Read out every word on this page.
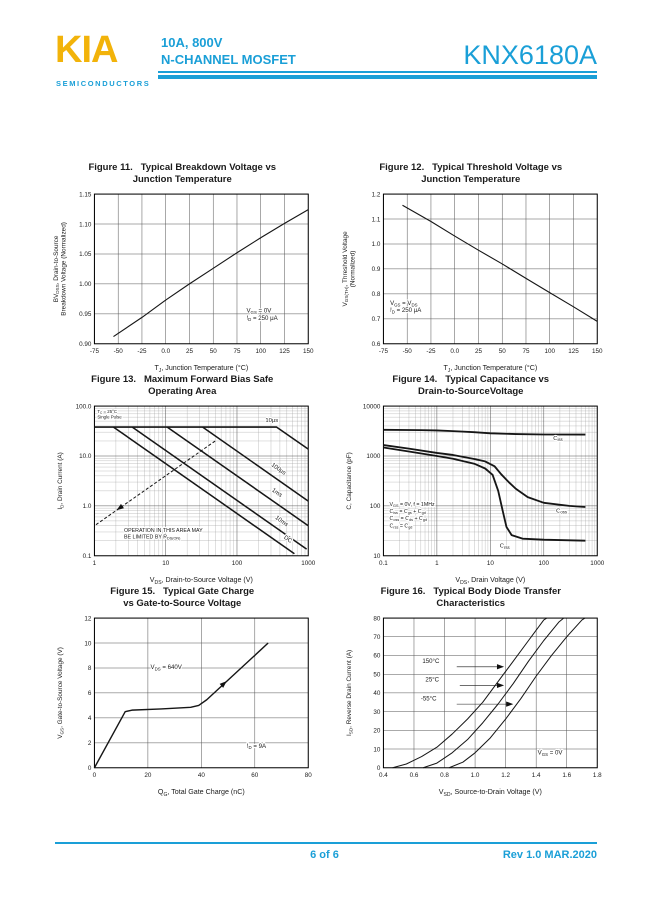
KIA
SEMICONDUCTORS
10A, 800V
N-CHANNEL MOSFET	KNX6180A
Figure 11.   Typical Breakdown Voltage vs
Junction Temperature
-75 -50 -25 0.0	25	50	75 100 125 150
0.90
0.95
1.00
1.05
1.10
1.15
$V_{GS} = 0V$
$I_D = 250$ μA
$T_J$, Junction Temperature (°C)
$BV_{DSS}$, Drain-to-Source Breakdown Voltage (Normalized)
Figure 12.   Typical Threshold Voltage vs
Junction Temperature
-75 -50 -25 0.0	25	50	75 100 125 150
0.6
0.7
0.8
0.9
1.0
1.1
1.2
$V_{GS} = V_{DS}$
$I_D = 250$ μA
$T_J$, Junction Temperature (°C)
$V_{GS(TH)}$, Threshold Voltage (Normalized)
Figure 13.   Maximum Forward Bias Safe
Operating Area
1	10	100	1000
0.1
1.0
10.0
100.0
10μs
100μs
1ms
10ms
DC
$T_C = 25^\circ C$
Single Pulse
OPERATION IN THIS AREA MAY
BE LIMITED BY $R_{DS(ON)}$
$V_{DS}$, Drain-to-Source Voltage (V)
$I_D$, Drain Current (A)
Figure 14.   Typical Capacitance vs
Drain-to-SourceVoltage
0.1	1	10	100	1000
10
100
1000
10000
$C_{iss}$
$C_{oss}$
$C_{rss}$
$V_{GS} = 0V$, f = 1MHz
$C_{iss} = C_{gs} + C_{gd}$
$C_{oss} = C_{ds} + C_{gd}$
$C_{rss} = C_{gd}$
$V_{DS}$, Drain Voltage (V)
C, Capacitance (pF)
Figure 15.   Typical Gate Charge
vs Gate-to-Source Voltage
0	20	40	60	80
0
2
4
6
8
10
12
$V_{DS} = 640V$
$I_D = 9A$
$Q_G$, Total Gate Charge (nC)
$V_{GS}$, Gate-to-Source Voltage (V)
Figure 16.   Typical Body Diode Transfer
Characteristics
0.4	0.6	0.8	1.0	1.2	1.4	1.6	1.8
0
10
20
30
40
50
60
70
80
150°C
25°C
-55°C
$V_{GS} = 0V$
$V_{SD}$, Source-to-Drain Voltage (V)
$I_{SD}$, Reverse Drain Current (A)
6 of 6	Rev 1.0 MAR.2020
